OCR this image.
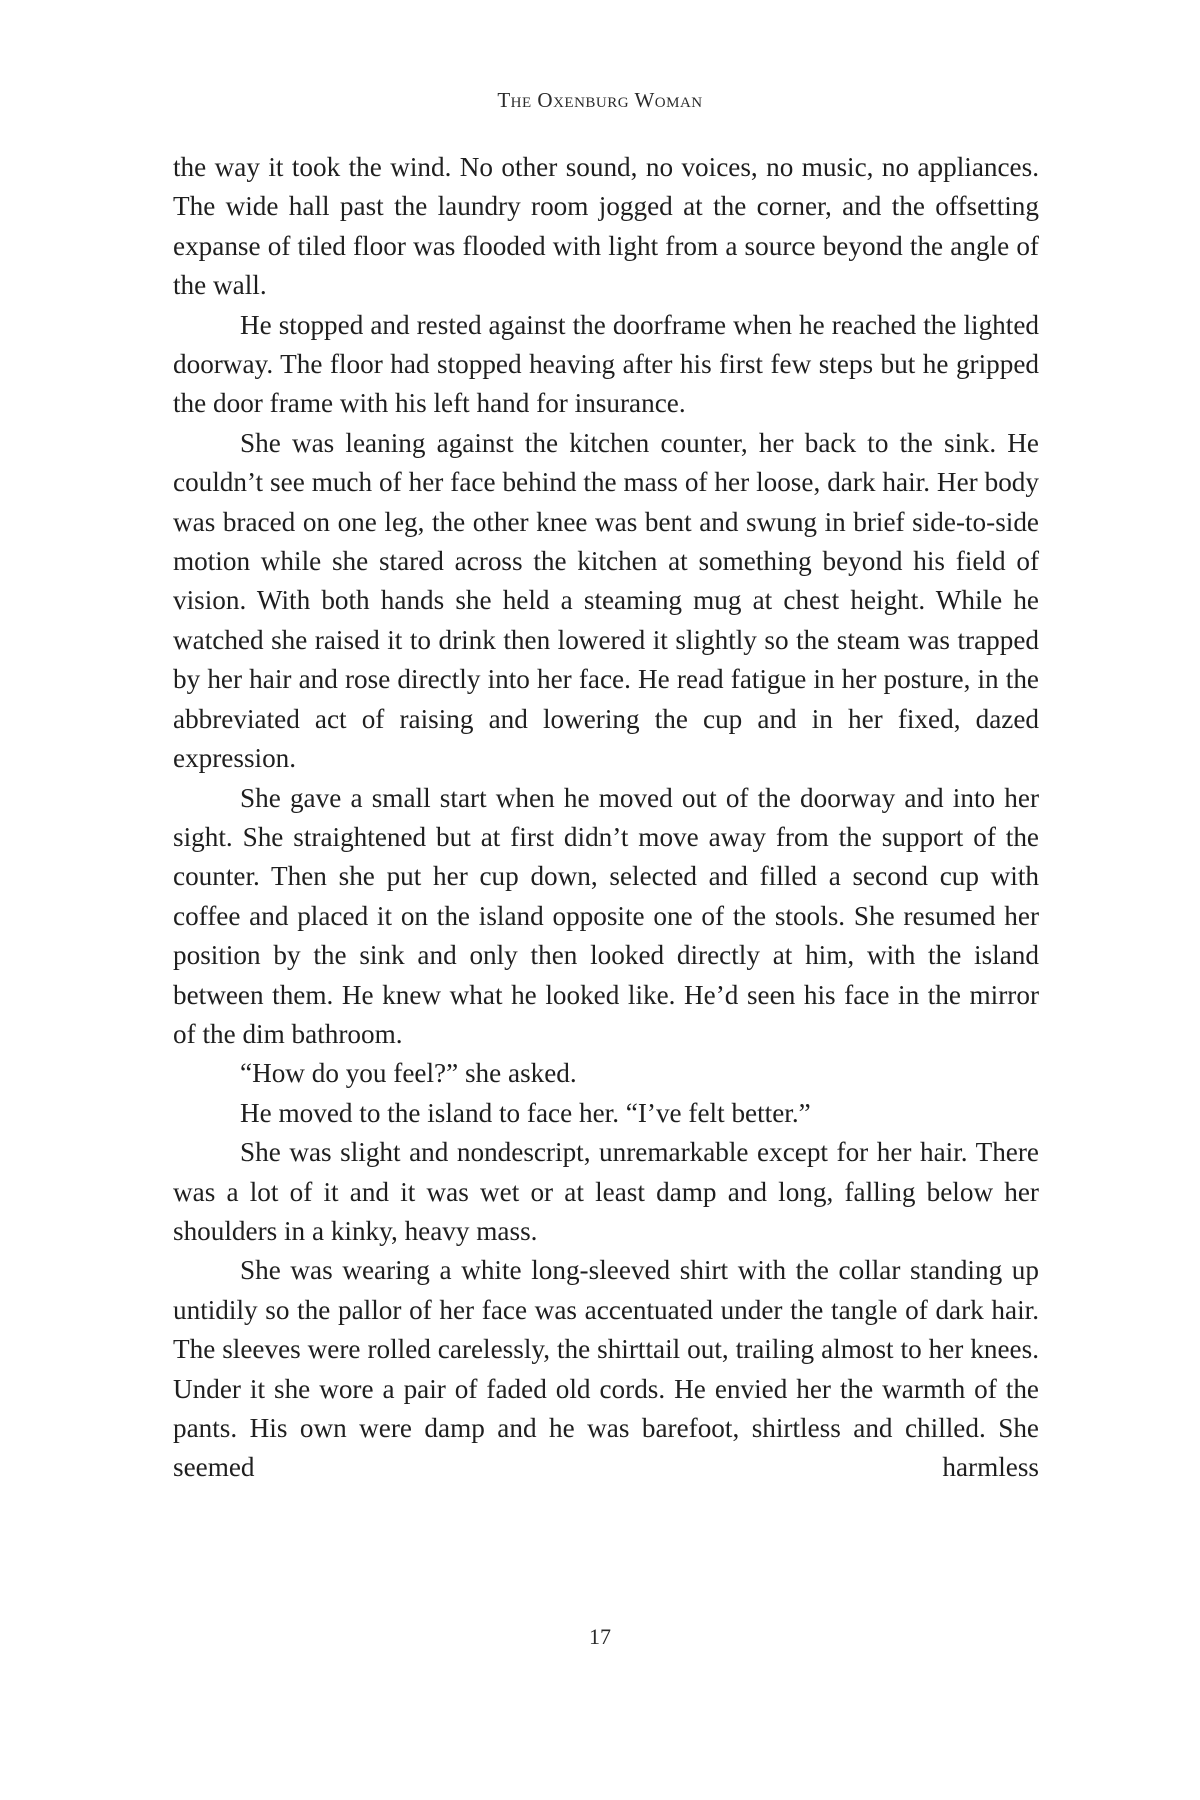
The Oxenburg Woman

the way it took the wind. No other sound, no voices, no music, no appliances. The wide hall past the laundry room jogged at the corner, and the offsetting expanse of tiled floor was flooded with light from a source beyond the angle of the wall.

He stopped and rested against the doorframe when he reached the lighted doorway. The floor had stopped heaving after his first few steps but he gripped the door frame with his left hand for insurance.

She was leaning against the kitchen counter, her back to the sink. He couldn’t see much of her face behind the mass of her loose, dark hair. Her body was braced on one leg, the other knee was bent and swung in brief side-to-side motion while she stared across the kitchen at something beyond his field of vision. With both hands she held a steaming mug at chest height. While he watched she raised it to drink then lowered it slightly so the steam was trapped by her hair and rose directly into her face. He read fatigue in her posture, in the abbreviated act of raising and lowering the cup and in her fixed, dazed expression.

She gave a small start when he moved out of the doorway and into her sight. She straightened but at first didn’t move away from the support of the counter. Then she put her cup down, selected and filled a second cup with coffee and placed it on the island opposite one of the stools. She resumed her position by the sink and only then looked directly at him, with the island between them. He knew what he looked like. He’d seen his face in the mirror of the dim bathroom.

“How do you feel?” she asked.

He moved to the island to face her. “I’ve felt better.”

She was slight and nondescript, unremarkable except for her hair. There was a lot of it and it was wet or at least damp and long, falling below her shoulders in a kinky, heavy mass.

She was wearing a white long-sleeved shirt with the collar standing up untidily so the pallor of her face was accentuated under the tangle of dark hair. The sleeves were rolled carelessly, the shirttail out, trailing almost to her knees. Under it she wore a pair of faded old cords. He envied her the warmth of the pants. His own were damp and he was barefoot, shirtless and chilled. She seemed harmless

17
